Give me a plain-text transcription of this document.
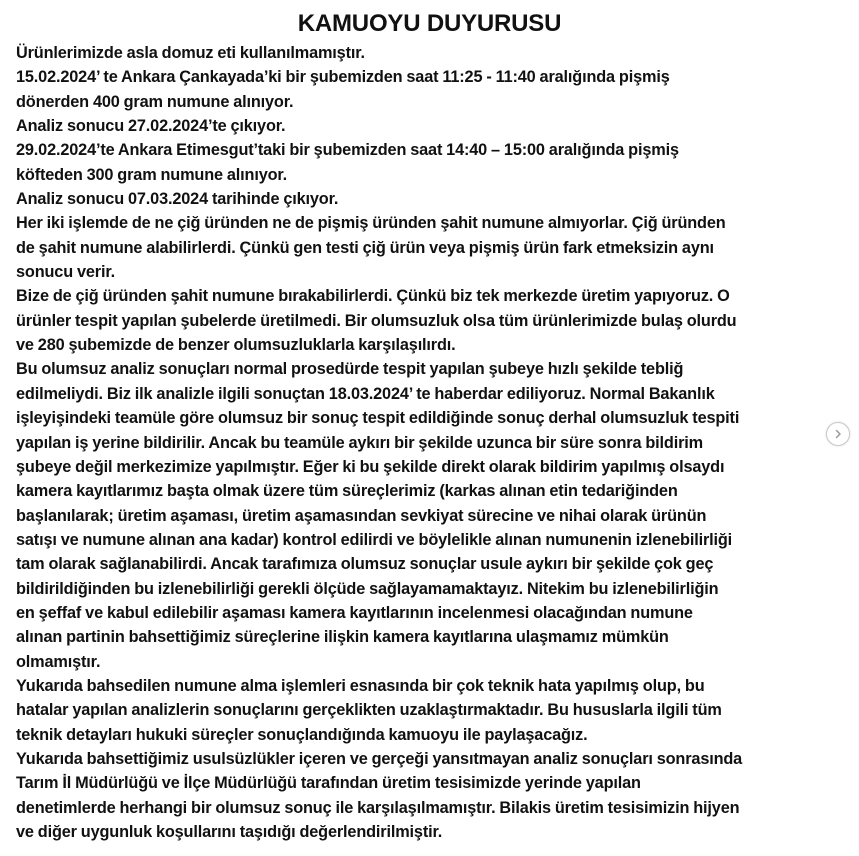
KAMUOYU DUYURUSU
Ürünlerimizde asla domuz eti kullanılmamıştır.
15.02.2024’ te Ankara Çankayada’ki bir şubemizden saat 11:25 - 11:40 aralığında pişmiş
dönerden 400 gram numune alınıyor.
Analiz sonucu 27.02.2024’te çıkıyor.
29.02.2024’te Ankara Etimesgut’taki bir şubemizden saat 14:40 – 15:00 aralığında pişmiş
köfteden 300 gram numune alınıyor.
Analiz sonucu 07.03.2024 tarihinde çıkıyor.
Her iki işlemde de ne çiğ üründen ne de pişmiş üründen şahit numune almıyorlar. Çiğ üründen
de şahit numune alabilirlerdi. Çünkü gen testi çiğ ürün veya pişmiş ürün fark etmeksizin aynı
sonucu verir.
Bize de çiğ üründen şahit numune bırakabilirlerdi. Çünkü biz tek merkezde üretim yapıyoruz. O
ürünler tespit yapılan şubelerde üretilmedi. Bir olumsuzluk olsa tüm ürünlerimizde bulaş olurdu
ve 280 şubemizde de benzer olumsuzluklarla karşılaşılırdı.
Bu olumsuz analiz sonuçları normal prosedürde tespit yapılan şubeye hızlı şekilde tebliğ
edilmeliydi. Biz ilk analizle ilgili sonuçtan 18.03.2024’ te haberdar ediliyoruz. Normal Bakanlık
işleyişindeki teamüle göre olumsuz bir sonuç tespit edildiğinde sonuç derhal olumsuzluk tespiti
yapılan iş yerine bildirilir. Ancak bu teamüle aykırı bir şekilde uzunca bir süre sonra bildirim
şubeye değil merkezimize yapılmıştır. Eğer ki bu şekilde direkt olarak bildirim yapılmış olsaydı
kamera kayıtlarımız başta olmak üzere tüm süreçlerimiz (karkas alınan etin tedariğinden
başlanılarak; üretim aşaması, üretim aşamasından sevkiyat sürecine ve nihai olarak ürünün
satışı ve numune alınan ana kadar) kontrol edilirdi ve böylelikle alınan numunenin izlenebilirliği
tam olarak sağlanabilirdi. Ancak tarafımıza olumsuz sonuçlar usule aykırı bir şekilde çok geç
bildirildiğinden bu izlenebilirliği gerekli ölçüde sağlayamamaktayız. Nitekim bu izlenebilirliğin
en şeffaf ve kabul edilebilir aşaması kamera kayıtlarının incelenmesi olacağından numune
alınan partinin bahsettiğimiz süreçlerine ilişkin kamera kayıtlarına ulaşmamız mümkün
olmamıştır.
Yukarıda bahsedilen numune alma işlemleri esnasında bir çok teknik hata yapılmış olup, bu
hatalar yapılan analizlerin sonuçlarını gerçeklikten uzaklaştırmaktadır. Bu hususlarla ilgili tüm
teknik detayları hukuki süreçler sonuçlandığında kamuoyu ile paylaşacağız.
Yukarıda bahsettiğimiz usulsüzlükler içeren ve gerçeği yansıtmayan analiz sonuçları sonrasında
Tarım İl Müdürlüğü ve İlçe Müdürlüğü tarafından üretim tesisimizde yerinde yapılan
denetimlerde herhangi bir olumsuz sonuç ile karşılaşılmamıştır. Bilakis üretim tesisimizin hijyen
ve diğer uygunluk koşullarını taşıdığı değerlendirilmiştir.
